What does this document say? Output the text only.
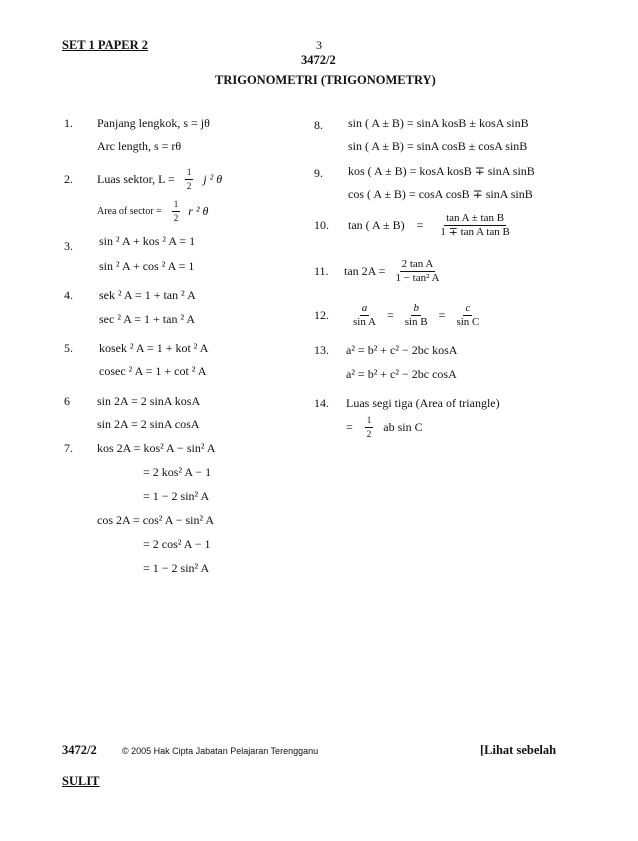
SET 1 PAPER 2	3
3472/2
TRIGONOMETRI (TRIGONOMETRY)
1. Panjang lengkok, s = jθ
Arc length, s = rθ
2. Luas sektor, $L = \frac{1}{2}$ j ² θ
Area of sector = $\frac{1}{2}$ r ² θ
3. sin ² A + kos ² A = 1
sin ² A + cos ² A = 1
4. sek ² A = 1 + tan ² A
sec ² A = 1 + tan ² A
5. kosek ² A = 1 + kot ² A
cosec ² A = 1 + cot ² A
6 sin 2A = 2 sinA kosA
sin 2A = 2 sinA cosA
7. kos 2A = kos² A − sin² A
= 2 kos² A − 1
= 1 − 2 sin² A
cos 2A = cos² A − sin² A
= 2 cos² A − 1
= 1 − 2 sin² A
8. sin ( A ± B) = sinA kosB ± kosA sinB
sin ( A ± B) = sinA cosB ± cosA sinB
9. kos ( A ± B) = kosA kosB ∓ sinA sinB
cos ( A ± B) = cosA cosB ∓ sinA sinB
10.	tan ( $A \pm B) = \frac{\text{tan A ± tan B}}{\text{1 ∓ tan A tan B}}$
11.	$\tan 2A = \frac{\text{2 tan A}}{\text{1 − tan² A}}$
12.	$\frac{a}{\text{sin A}} = \frac{b}{\text{sin B}} = \frac{c}{\text{sin C}}$
13. a² = b² + c² − 2bc kosA
a² = b² + c² − 2bc cosA
14. Luas segi tiga (Area of triangle)
= $\frac{1}{2}$ ab sin C
3472/2	© 2005 Hak Cipta Jabatan Pelajaran Terengganu	[Lihat sebelah
SULIT
